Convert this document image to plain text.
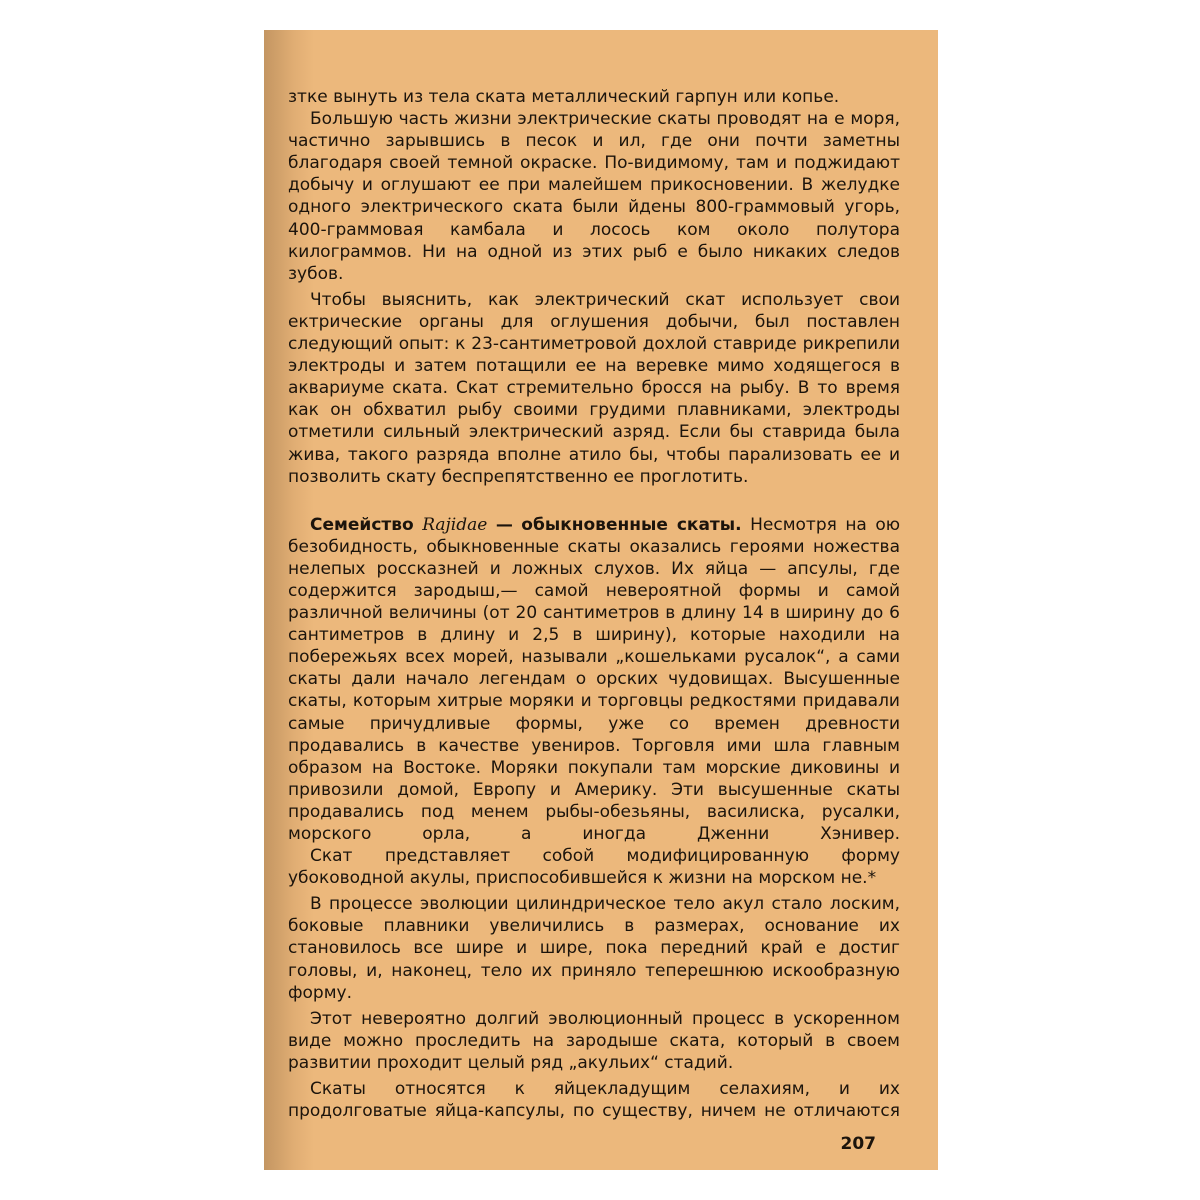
зтке вынуть из тела ската металлический гарпун или копье.

Большую часть жизни электрические скаты проводят на е моря, частично зарывшись в песок и ил, где они почти заметны благодаря своей темной окраске. По-видимому, там и поджидают добычу и оглушают ее при малейшем прикосновении. В желудке одного электрического ската были йдены 800-граммовый угорь, 400-граммовая камбала и лосось ком около полутора килограммов. Ни на одной из этих рыб е было никаких следов зубов.

Чтобы выяснить, как электрический скат использует свои ектрические органы для оглушения добычи, был поставлен следующий опыт: к 23-сантиметровой дохлой ставриде рикрепили электроды и затем потащили ее на веревке мимо ходящегося в аквариуме ската. Скат стремительно бросся на рыбу. В то время как он обхватил рыбу своими грудими плавниками, электроды отметили сильный электрический азряд. Если бы ставрида была жива, такого разряда вполне атило бы, чтобы парализовать ее и позволить скату беспрепятственно ее проглотить.

Семейство Rajidae — обыкновенные скаты. Несмотря на ою безобидность, обыкновенные скаты оказались героями ножества нелепых россказней и ложных слухов. Их яйца — апсулы, где содержится зародыш,— самой невероятной формы и самой различной величины (от 20 сантиметров в длину 14 в ширину до 6 сантиметров в длину и 2,5 в ширину), которые находили на побережьях всех морей, называли „кошельками русалок“, а сами скаты дали начало легендам о орских чудовищах. Высушенные скаты, которым хитрые моряки и торговцы редкостями придавали самые причудливые формы, уже со времен древности продавались в качестве увениров. Торговля ими шла главным образом на Востоке. Моряки покупали там морские диковины и привозили домой, Европу и Америку. Эти высушенные скаты продавались под менем рыбы-обезьяны, василиска, русалки, морского орла, а иногда Дженни Хэнивер.

Скат представляет собой модифицированную форму убоководной акулы, приспособившейся к жизни на морском не.*

В процессе эволюции цилиндрическое тело акул стало лоским, боковые плавники увеличились в размерах, основание их становилось все шире и шире, пока передний край е достиг головы, и, наконец, тело их приняло теперешнюю искообразную форму.

Этот невероятно долгий эволюционный процесс в ускоренном виде можно проследить на зародыше ската, который в своем развитии проходит целый ряд „акульих“ стадий.

Скаты относятся к яйцекладущим селахиям, и их продолговатые яйца-капсулы, по существу, ничем не отличаются

207
